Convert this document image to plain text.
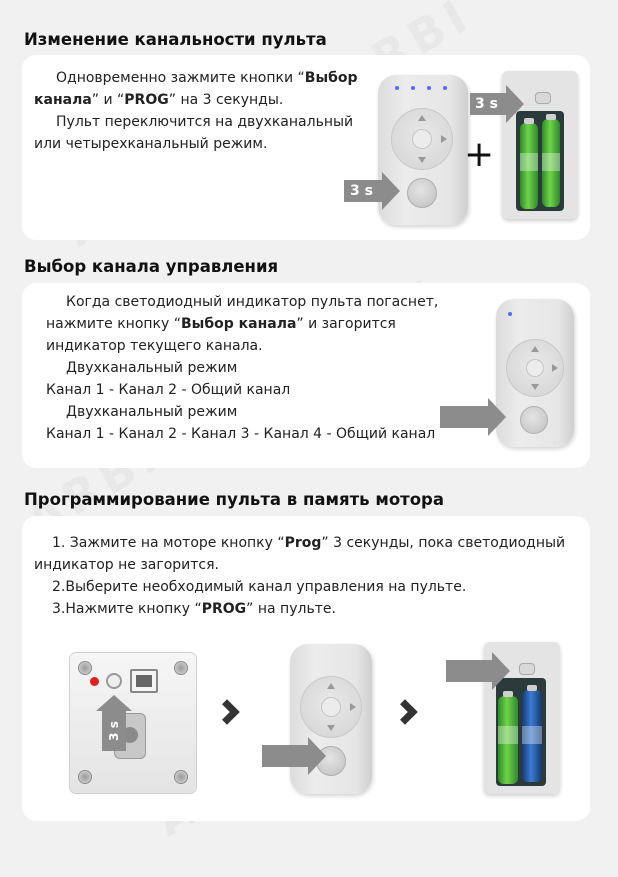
Изменение канальности пульта
Одновременно зажмите кнопки “Выбор
канала” и “PROG” на 3 секунды.
Пульт переключится на двухканальный
или четырехканальный режим.
3 s
+
3 s
Выбор канала управления
Когда светодиодный индикатор пульта погаснет,
нажмите кнопку “Выбор канала” и загорится
индикатор текущего канала.
Двухканальный режим
Канал 1 - Канал 2 - Общий канал
Двухканальный режим
Канал 1 - Канал 2 - Канал 3 - Канал 4 - Общий канал
Программирование пульта в память мотора
1. Зажмите на моторе кнопку “Prog” 3 секунды, пока светодиодный
индикатор не загорится.
2.Выберите необходимый канал управления на пульте.
3.Нажмите кнопку “PROG” на пульте.
3 s
